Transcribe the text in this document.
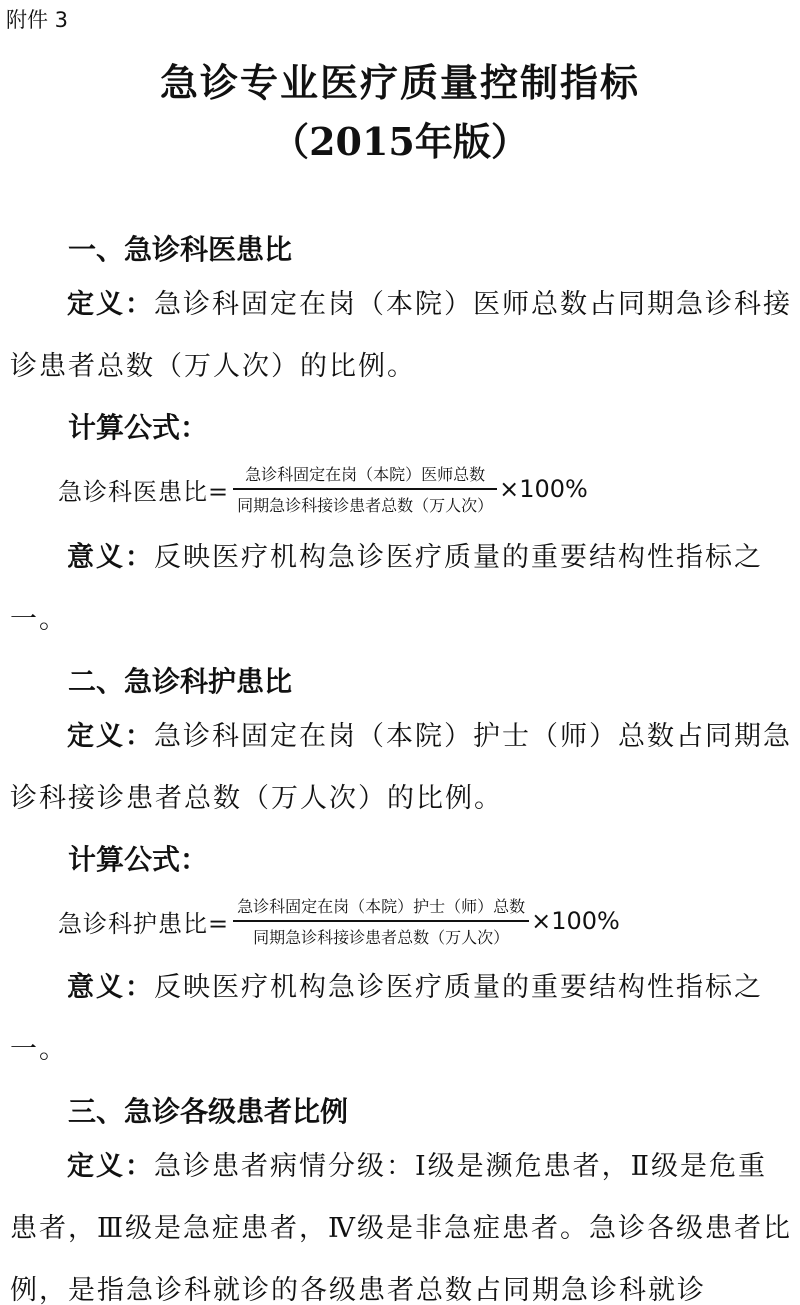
附件 3
急诊专业医疗质量控制指标
（2015年版）
一、急诊科医患比
定义：急诊科固定在岗（本院）医师总数占同期急诊科接诊患者总数（万人次）的比例。
计算公式：
急诊科医患比= $\frac{\text{急诊科固定在岗（本院）医师总数}}{\text{同期急诊科接诊患者总数（万人次）}} \times 100\%$
意义：反映医疗机构急诊医疗质量的重要结构性指标之一。
二、急诊科护患比
定义：急诊科固定在岗（本院）护士（师）总数占同期急诊科接诊患者总数（万人次）的比例。
计算公式：
急诊科护患比= $\frac{\text{急诊科固定在岗（本院）护士（师）总数}}{\text{同期急诊科接诊患者总数（万人次）}} \times 100\%$
意义：反映医疗机构急诊医疗质量的重要结构性指标之一。
三、急诊各级患者比例
定义：急诊患者病情分级：Ⅰ级是濒危患者，Ⅱ级是危重患者，Ⅲ级是急症患者，Ⅳ级是非急症患者。急诊各级患者比例，是指急诊科就诊的各级患者总数占同期急诊科就诊
